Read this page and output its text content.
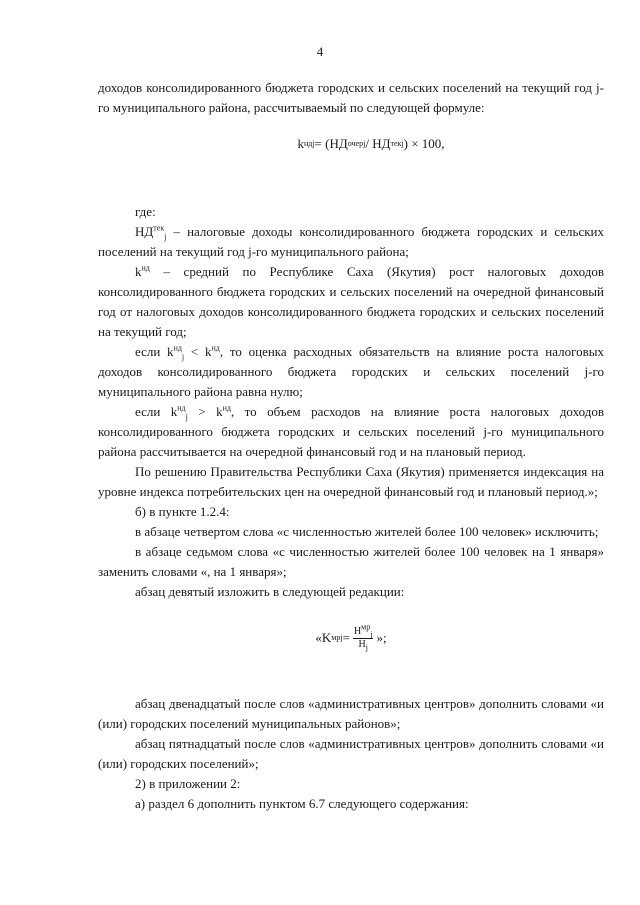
4

доходов консолидированного бюджета городских и сельских поселений на текущий год j-го муниципального района, рассчитываемый по следующей формуле:

k нд j = (НД очер j / НД тек j ) × 100,

где:

$НД^{тек}_j$ – налоговые доходы консолидированного бюджета городских и сельских поселений на текущий год j-го муниципального района;

$k^{нд}$ – средний по Республике Саха (Якутия) рост налоговых доходов консолидированного бюджета городских и сельских поселений на очередной финансовый год от налоговых доходов консолидированного бюджета городских и сельских поселений на текущий год;

если $k^{нд}_j < k^{нд}$, то оценка расходных обязательств на влияние роста налоговых доходов консолидированного бюджета городских и сельских поселений j-го муниципального района равна нулю;

если $k^{нд}_j > k^{нд}$, то объем расходов на влияние роста налоговых доходов консолидированного бюджета городских и сельских поселений j-го муниципального района рассчитывается на очередной финансовый год и на плановый период.

По решению Правительства Республики Саха (Якутия) применяется индексация на уровне индекса потребительских цен на очередной финансовый год и плановый период.»;

б) в пункте 1.2.4:

в абзаце четвертом слова «с численностью жителей более 100 человек» исключить;

в абзаце седьмом слова «с численностью жителей более 100 человек на 1 января» заменить словами «, на 1 января»;

абзац девятый изложить в следующей редакции:

«K мр $j = \frac{H^{мр}_j}{H_j}$ »;

абзац двенадцатый после слов «административных центров» дополнить словами «и (или) городских поселений муниципальных районов»;

абзац пятнадцатый после слов «административных центров» дополнить словами «и (или) городских поселений»;

2) в приложении 2:

а) раздел 6 дополнить пунктом 6.7 следующего содержания:
